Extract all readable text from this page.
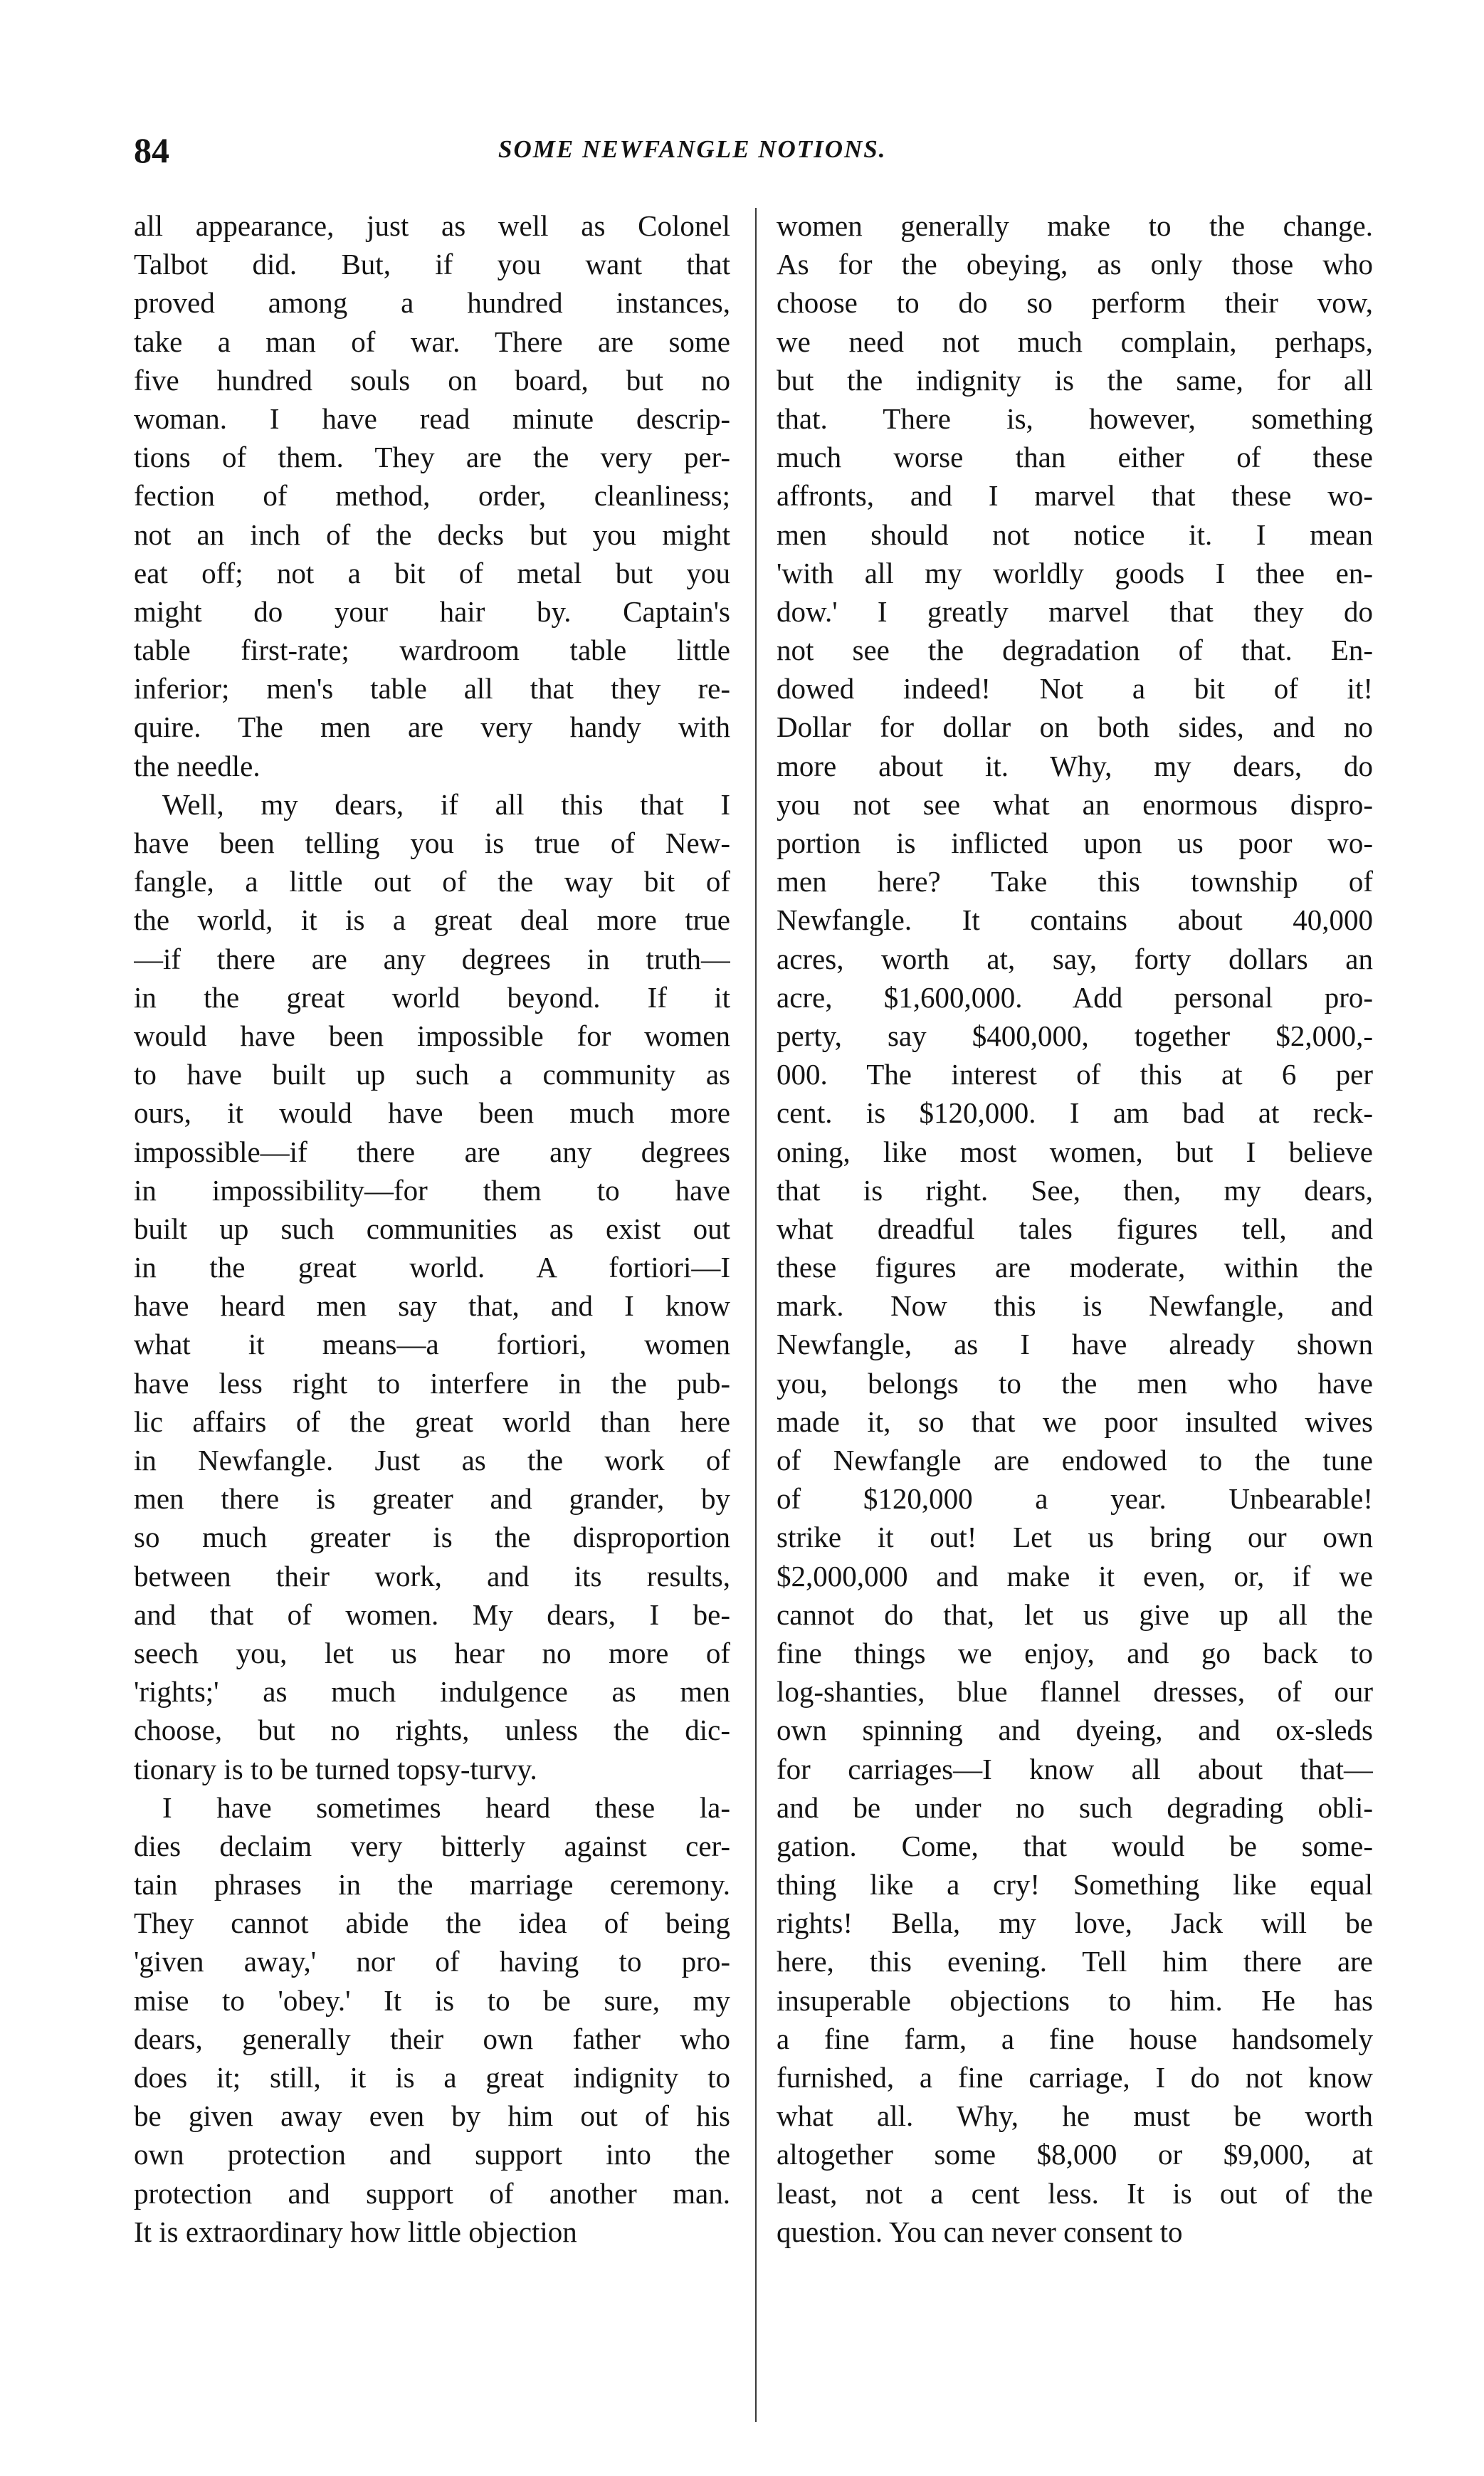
84	SOME NEWFANGLE NOTIONS.
all appearance, just as well as Colonel
Talbot did. But, if you want that
proved among a hundred instances,
take a man of war. There are some
five hundred souls on board, but no
woman. I have read minute descrip-
tions of them. They are the very per-
fection of method, order, cleanliness;
not an inch of the decks but you might
eat off; not a bit of metal but you
might do your hair by. Captain's
table first-rate; wardroom table little
inferior; men's table all that they re-
quire. The men are very handy with
the needle.
Well, my dears, if all this that I
have been telling you is true of New-
fangle, a little out of the way bit of
the world, it is a great deal more true
—if there are any degrees in truth—
in the great world beyond. If it
would have been impossible for women
to have built up such a community as
ours, it would have been much more
impossible—if there are any degrees
in impossibility—for them to have
built up such communities as exist out
in the great world. A fortiori—I
have heard men say that, and I know
what it means—a fortiori, women
have less right to interfere in the pub-
lic affairs of the great world than here
in Newfangle. Just as the work of
men there is greater and grander, by
so much greater is the disproportion
between their work, and its results,
and that of women. My dears, I be-
seech you, let us hear no more of
'rights;' as much indulgence as men
choose, but no rights, unless the dic-
tionary is to be turned topsy-turvy.
I have sometimes heard these la-
dies declaim very bitterly against cer-
tain phrases in the marriage ceremony.
They cannot abide the idea of being
'given away,' nor of having to pro-
mise to 'obey.' It is to be sure, my
dears, generally their own father who
does it; still, it is a great indignity to
be given away even by him out of his
own protection and support into the
protection and support of another man.
It is extraordinary how little objection
women generally make to the change.
As for the obeying, as only those who
choose to do so perform their vow,
we need not much complain, perhaps,
but the indignity is the same, for all
that. There is, however, something
much worse than either of these
affronts, and I marvel that these wo-
men should not notice it. I mean
'with all my worldly goods I thee en-
dow.' I greatly marvel that they do
not see the degradation of that. En-
dowed indeed! Not a bit of it!
Dollar for dollar on both sides, and no
more about it. Why, my dears, do
you not see what an enormous dispro-
portion is inflicted upon us poor wo-
men here? Take this township of
Newfangle. It contains about 40,000
acres, worth at, say, forty dollars an
acre, $1,600,000. Add personal pro-
perty, say $400,000, together $2,000,-
000. The interest of this at 6 per
cent. is $120,000. I am bad at reck-
oning, like most women, but I believe
that is right. See, then, my dears,
what dreadful tales figures tell, and
these figures are moderate, within the
mark. Now this is Newfangle, and
Newfangle, as I have already shown
you, belongs to the men who have
made it, so that we poor insulted wives
of Newfangle are endowed to the tune
of $120,000 a year. Unbearable!
strike it out! Let us bring our own
$2,000,000 and make it even, or, if we
cannot do that, let us give up all the
fine things we enjoy, and go back to
log-shanties, blue flannel dresses, of our
own spinning and dyeing, and ox-sleds
for carriages—I know all about that—
and be under no such degrading obli-
gation. Come, that would be some-
thing like a cry! Something like equal
rights! Bella, my love, Jack will be
here, this evening. Tell him there are
insuperable objections to him. He has
a fine farm, a fine house handsomely
furnished, a fine carriage, I do not know
what all. Why, he must be worth
altogether some $8,000 or $9,000, at
least, not a cent less. It is out of the
question. You can never consent to
